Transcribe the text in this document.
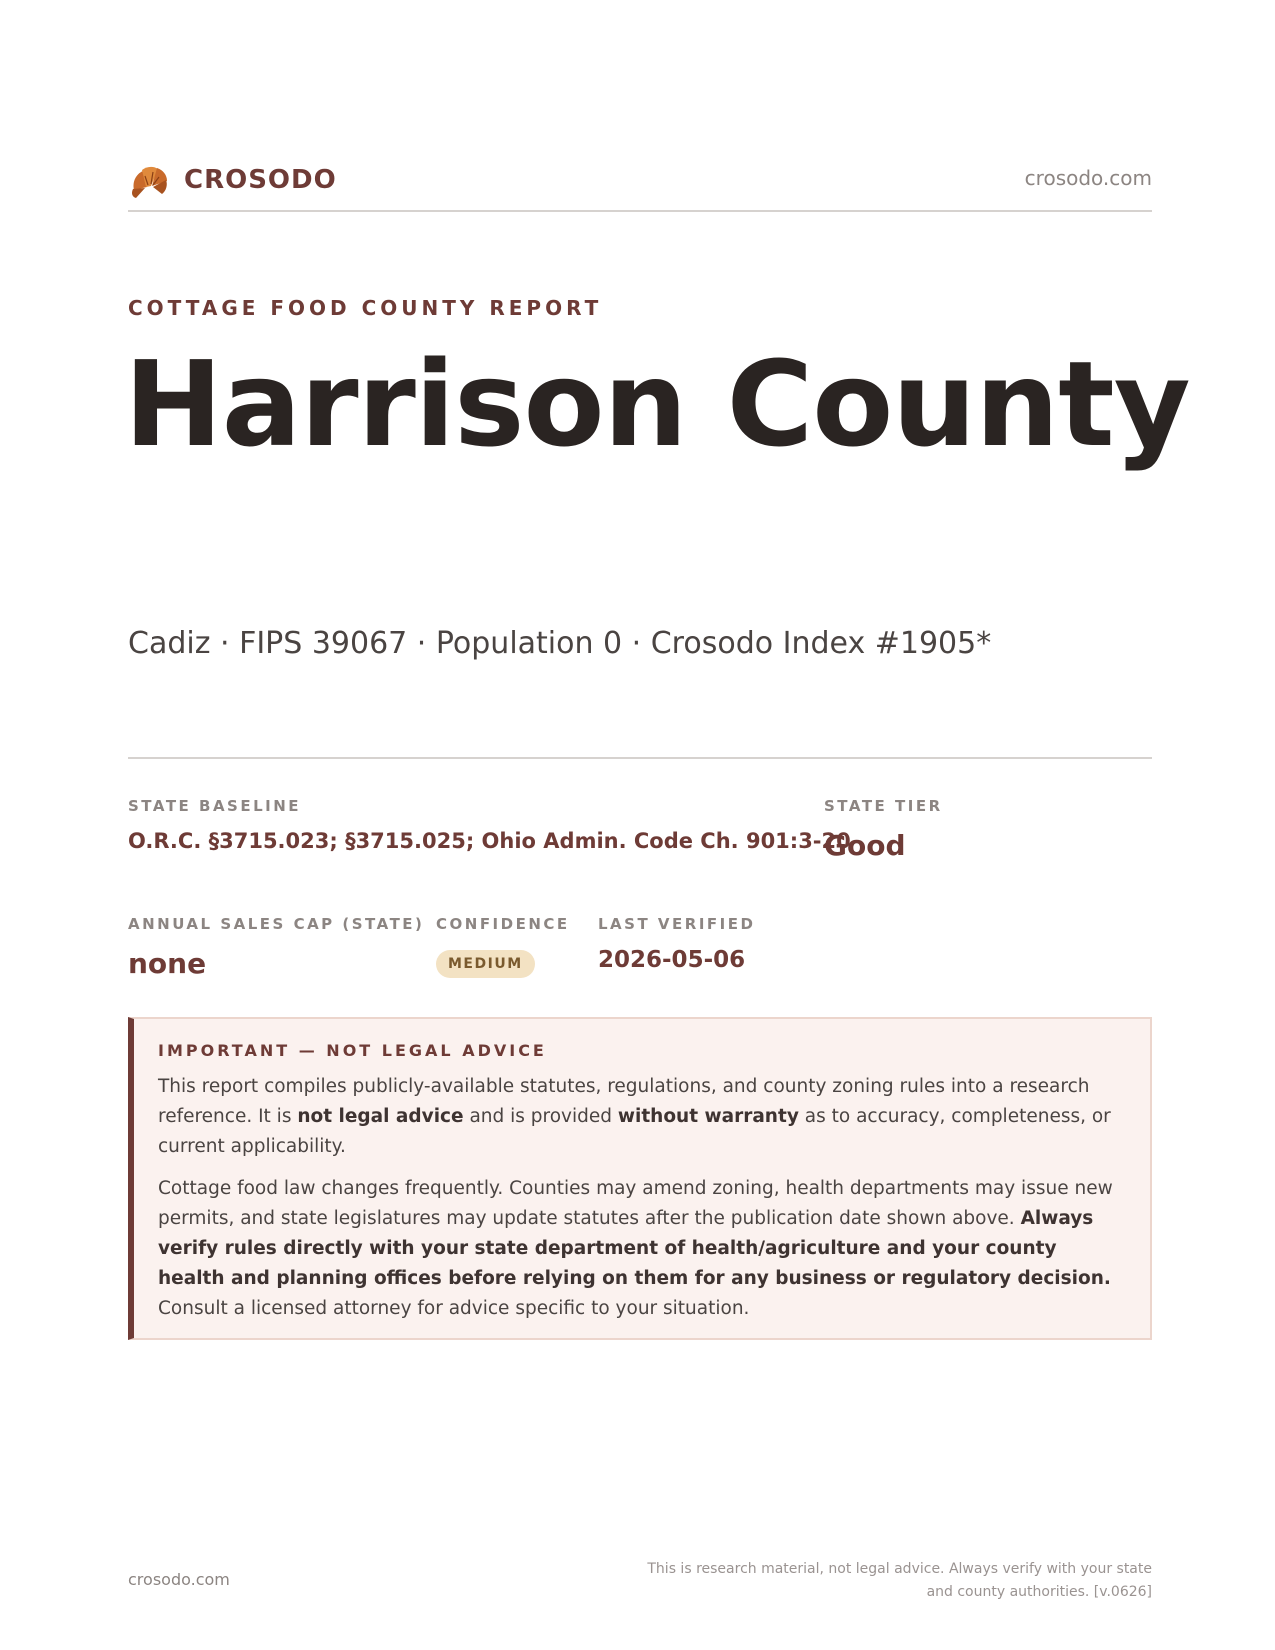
CROSODO	crosodo.com
COTTAGE FOOD COUNTY REPORT
Harrison County
Cadiz · FIPS 39067 · Population 0 · Crosodo Index #1905*
STATE BASELINE
O.R.C. §3715.023; §3715.025; Ohio Admin. Code Ch. 901:3-20
STATE TIER
Good
ANNUAL SALES CAP (STATE)
none
CONFIDENCE
MEDIUM
LAST VERIFIED
2026-05-06
IMPORTANT — NOT LEGAL ADVICE

This report compiles publicly-available statutes, regulations, and county zoning rules into a research reference. It is not legal advice and is provided without warranty as to accuracy, completeness, or current applicability.

Cottage food law changes frequently. Counties may amend zoning, health departments may issue new permits, and state legislatures may update statutes after the publication date shown above. Always verify rules directly with your state department of health/agriculture and your county health and planning offices before relying on them for any business or regulatory decision. Consult a licensed attorney for advice specific to your situation.

crosodo.com
This is research material, not legal advice. Always verify with your state
and county authorities. [v.0626]
